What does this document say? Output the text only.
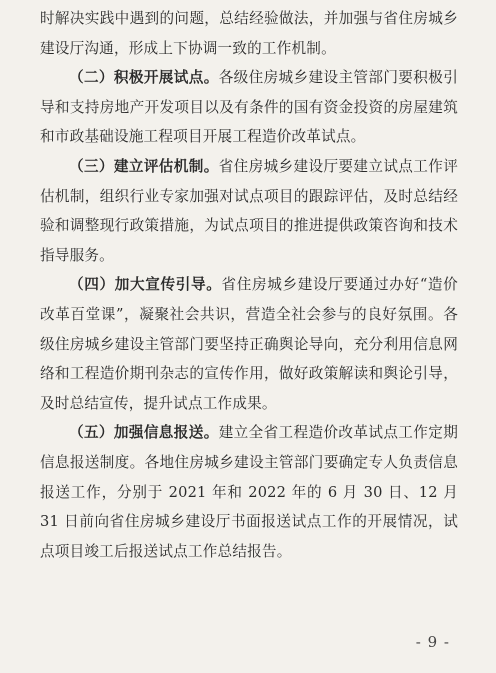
时解决实践中遇到的问题，总结经验做法，并加强与省住房城乡建设厅沟通，形成上下协调一致的工作机制。

（二）积极开展试点。各级住房城乡建设主管部门要积极引导和支持房地产开发项目以及有条件的国有资金投资的房屋建筑和市政基础设施工程项目开展工程造价改革试点。

（三）建立评估机制。省住房城乡建设厅要建立试点工作评估机制，组织行业专家加强对试点项目的跟踪评估，及时总结经验和调整现行政策措施，为试点项目的推进提供政策咨询和技术指导服务。

（四）加大宣传引导。省住房城乡建设厅要通过办好“造价改革百堂课”，凝聚社会共识，营造全社会参与的良好氛围。各级住房城乡建设主管部门要坚持正确舆论导向，充分利用信息网络和工程造价期刊杂志的宣传作用，做好政策解读和舆论引导，及时总结宣传，提升试点工作成果。

（五）加强信息报送。建立全省工程造价改革试点工作定期信息报送制度。各地住房城乡建设主管部门要确定专人负责信息报送工作，分别于 2021 年和 2022 年的 6 月 30 日、12 月 31 日前向省住房城乡建设厅书面报送试点工作的开展情况，试点项目竣工后报送试点工作总结报告。

- 9 -
